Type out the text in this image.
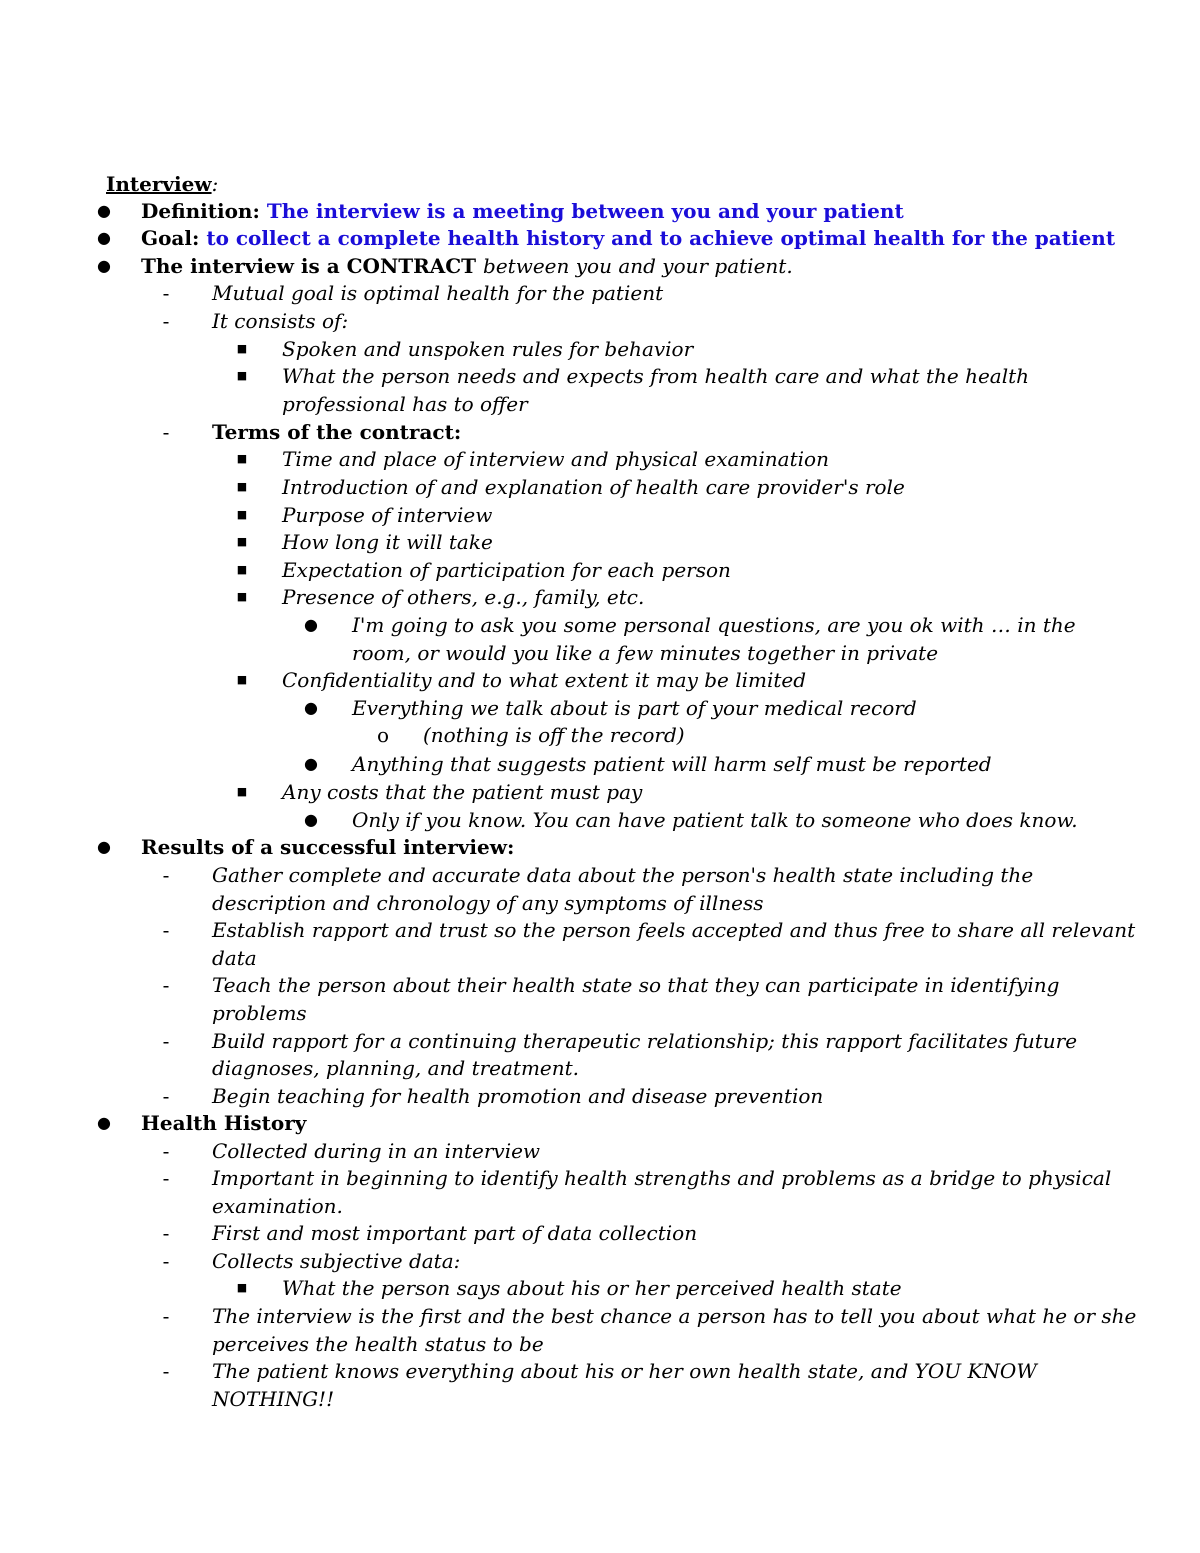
Interview:
●	Definition: The interview is a meeting between you and your patient
●	Goal: to collect a complete health history and to achieve optimal health for the patient
●	The interview is a CONTRACT between you and your patient.
-	Mutual goal is optimal health for the patient
-	It consists of:
■	Spoken and unspoken rules for behavior
■	What the person needs and expects from health care and what the health
professional has to offer
-	Terms of the contract:
■	Time and place of interview and physical examination
■	Introduction of and explanation of health care provider's role
■	Purpose of interview
■	How long it will take
■	Expectation of participation for each person
■	Presence of others, e.g., family, etc.
●	I'm going to ask you some personal questions, are you ok with … in the
room, or would you like a few minutes together in private
■	Confidentiality and to what extent it may be limited
●	Everything we talk about is part of your medical record
o	(nothing is off the record)
●	Anything that suggests patient will harm self must be reported
■	Any costs that the patient must pay
●	Only if you know. You can have patient talk to someone who does know.
●	Results of a successful interview:
-	Gather complete and accurate data about the person's health state including the
description and chronology of any symptoms of illness
-	Establish rapport and trust so the person feels accepted and thus free to share all relevant
data
-	Teach the person about their health state so that they can participate in identifying
problems
-	Build rapport for a continuing therapeutic relationship; this rapport facilitates future
diagnoses, planning, and treatment.
-	Begin teaching for health promotion and disease prevention
●	Health History
-	Collected during in an interview
-	Important in beginning to identify health strengths and problems as a bridge to physical
examination.
-	First and most important part of data collection
-	Collects subjective data:
■	What the person says about his or her perceived health state
-	The interview is the first and the best chance a person has to tell you about what he or she
perceives the health status to be
-	The patient knows everything about his or her own health state, and YOU KNOW
NOTHING!!
